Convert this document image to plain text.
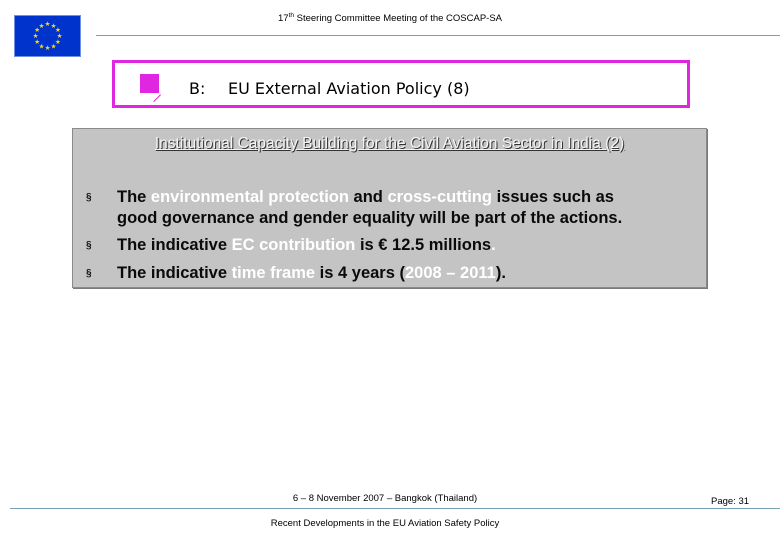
★ ★
★
★
★
★
★
★
★
★
★
★
17th Steering Committee Meeting of the COSCAP-SA
B: EU External Aviation Policy (8)
Institutional Capacity Building for the Civil Aviation Sector in India (2)
§ The environmental protection and cross-cutting issues such as
good governance and gender equality will be part of the actions.
§ The indicative EC contribution is € 12.5 millions.
§ The indicative time frame is 4 years (2008 – 2011).
6 – 8 November 2007 – Bangkok (Thailand)	Page: 31
Recent Developments in the EU Aviation Safety Policy
